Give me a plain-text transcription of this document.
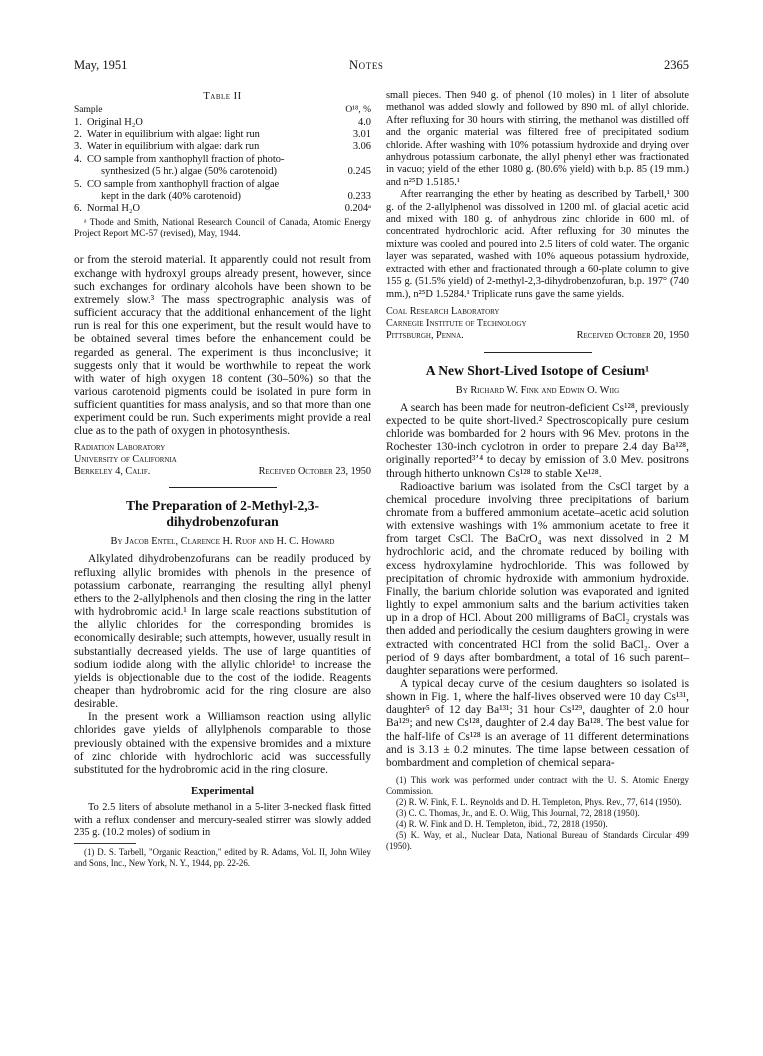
May, 1951	Notes	2365

Table II

Sample		O¹⁸, %
1.	Original H₂O	4.0
2.	Water in equilibrium with algae: light run	3.01
3.	Water in equilibrium with algae: dark run	3.06
4.	CO sample from xanthophyll fraction of photo-	
	synthesized (5 hr.) algae (50% carotenoid)	0.245
5.	CO sample from xanthophyll fraction of algae	
	kept in the dark (40% carotenoid)	0.233
6.	Normal H₂O	0.204ᵃ

ᵃ Thode and Smith, National Research Council of Canada, Atomic Energy Project Report MC-57 (revised), May, 1944.

or from the steroid material. It apparently could not result from exchange with hydroxyl groups already present, however, since such exchanges for ordinary alcohols have been shown to be extremely slow.³ The mass spectrographic analysis was of sufficient accuracy that the additional enhancement of the light run is real for this one experiment, but the result would have to be obtained several times before the enhancement could be regarded as general. The experiment is thus inconclusive; it suggests only that it would be worthwhile to repeat the work with water of high oxygen 18 content (30–50%) so that the various carotenoid pigments could be isolated in pure form in sufficient quantities for mass analysis, and so that more than one experiment could be run. Such experiments might provide a real clue as to the path of oxygen in photosynthesis.

Radiation Laboratory

University of California

Berkeley 4, Calif.	Received October 23, 1950

The Preparation of 2-Methyl-2,3-dihydrobenzofuran

By Jacob Entel, Clarence H. Ruof and H. C. Howard

Alkylated dihydrobenzofurans can be readily produced by refluxing allylic bromides with phenols in the presence of potassium carbonate, rearranging the resulting allyl phenyl ethers to the 2-allylphenols and then closing the ring in the latter with hydrobromic acid.¹ In large scale reactions substitution of the allylic chlorides for the corresponding bromides is economically desirable; such attempts, however, usually result in substantially decreased yields. The use of large quantities of sodium iodide along with the allylic chloride¹ to increase the yields is objectionable due to the cost of the iodide. Reagents cheaper than hydrobromic acid for the ring closure are also desirable.

In the present work a Williamson reaction using allylic chlorides gave yields of allylphenols comparable to those previously obtained with the expensive bromides and a mixture of zinc chloride with hydrochloric acid was successfully substituted for the hydrobromic acid in the ring closure.

Experimental

To 2.5 liters of absolute methanol in a 5-liter 3-necked flask fitted with a reflux condenser and mercury-sealed stirrer was slowly added 235 g. (10.2 moles) of sodium in

(1) D. S. Tarbell, "Organic Reaction," edited by R. Adams, Vol. II, John Wiley and Sons, Inc., New York, N. Y., 1944, pp. 22-26.

small pieces. Then 940 g. of phenol (10 moles) in 1 liter of absolute methanol was added slowly and followed by 890 ml. of allyl chloride. After refluxing for 30 hours with stirring, the methanol was distilled off and the organic material was filtered free of precipitated sodium chloride. After washing with 10% potassium hydroxide and drying over anhydrous potassium carbonate, the allyl phenyl ether was fractionated in vacuo; yield of the ether 1080 g. (80.6% yield) with b.p. 85 (19 mm.) and n²⁵D 1.5185.¹

After rearranging the ether by heating as described by Tarbell,¹ 300 g. of the 2-allylphenol was dissolved in 1200 ml. of glacial acetic acid and mixed with 180 g. of anhydrous zinc chloride in 600 ml. of concentrated hydrochloric acid. After refluxing for 30 minutes the mixture was cooled and poured into 2.5 liters of cold water. The organic layer was separated, washed with 10% aqueous potassium hydroxide, extracted with ether and fractionated through a 60-plate column to give 155 g. (51.5% yield) of 2-methyl-2,3-dihydrobenzofuran, b.p. 197° (740 mm.), n²⁵D 1.5284.¹ Triplicate runs gave the same yields.

Coal Research Laboratory

Carnegie Institute of Technology

Pittsburgh, Penna.	Received October 20, 1950

A New Short-Lived Isotope of Cesium¹

By Richard W. Fink and Edwin O. Wiig

A search has been made for neutron-deficient Cs¹²⁸, previously expected to be quite short-lived.² Spectroscopically pure cesium chloride was bombarded for 2 hours with 96 Mev. protons in the Rochester 130-inch cyclotron in order to prepare 2.4 day Ba¹²⁸, originally reported³ʼ⁴ to decay by emission of 3.0 Mev. positrons through hitherto unknown Cs¹²⁸ to stable Xe¹²⁸.

Radioactive barium was isolated from the CsCl target by a chemical procedure involving three precipitations of barium chromate from a buffered ammonium acetate–acetic acid solution with extensive washings with 1% ammonium acetate to free it from target CsCl. The BaCrO₄ was next dissolved in 2 M hydrochloric acid, and the chromate reduced by boiling with excess hydroxylamine hydrochloride. This was followed by precipitation of chromic hydroxide with ammonium hydroxide. Finally, the barium chloride solution was evaporated and ignited lightly to expel ammonium salts and the barium activities taken up in a drop of HCl. About 200 milligrams of BaCl₂ crystals was then added and periodically the cesium daughters growing in were extracted with concentrated HCl from the solid BaCl₂. Over a period of 9 days after bombardment, a total of 16 such parent–daughter separations were performed.

A typical decay curve of the cesium daughters so isolated is shown in Fig. 1, where the half-lives observed were 10 day Cs¹³¹, daughter⁵ of 12 day Ba¹³¹; 31 hour Cs¹²⁹, daughter of 2.0 hour Ba¹²⁹; and new Cs¹²⁸, daughter of 2.4 day Ba¹²⁸. The best value for the half-life of Cs¹²⁸ is an average of 11 different determinations and is 3.13 ± 0.2 minutes. The time lapse between cessation of bombardment and completion of chemical separa-

(1) This work was performed under contract with the U. S. Atomic Energy Commission.

(2) R. W. Fink, F. L. Reynolds and D. H. Templeton, Phys. Rev., 77, 614 (1950).

(3) C. C. Thomas, Jr., and E. O. Wiig, This Journal, 72, 2818 (1950).

(4) R. W. Fink and D. H. Templeton, ibid., 72, 2818 (1950).

(5) K. Way, et al., Nuclear Data, National Bureau of Standards Circular 499 (1950).
